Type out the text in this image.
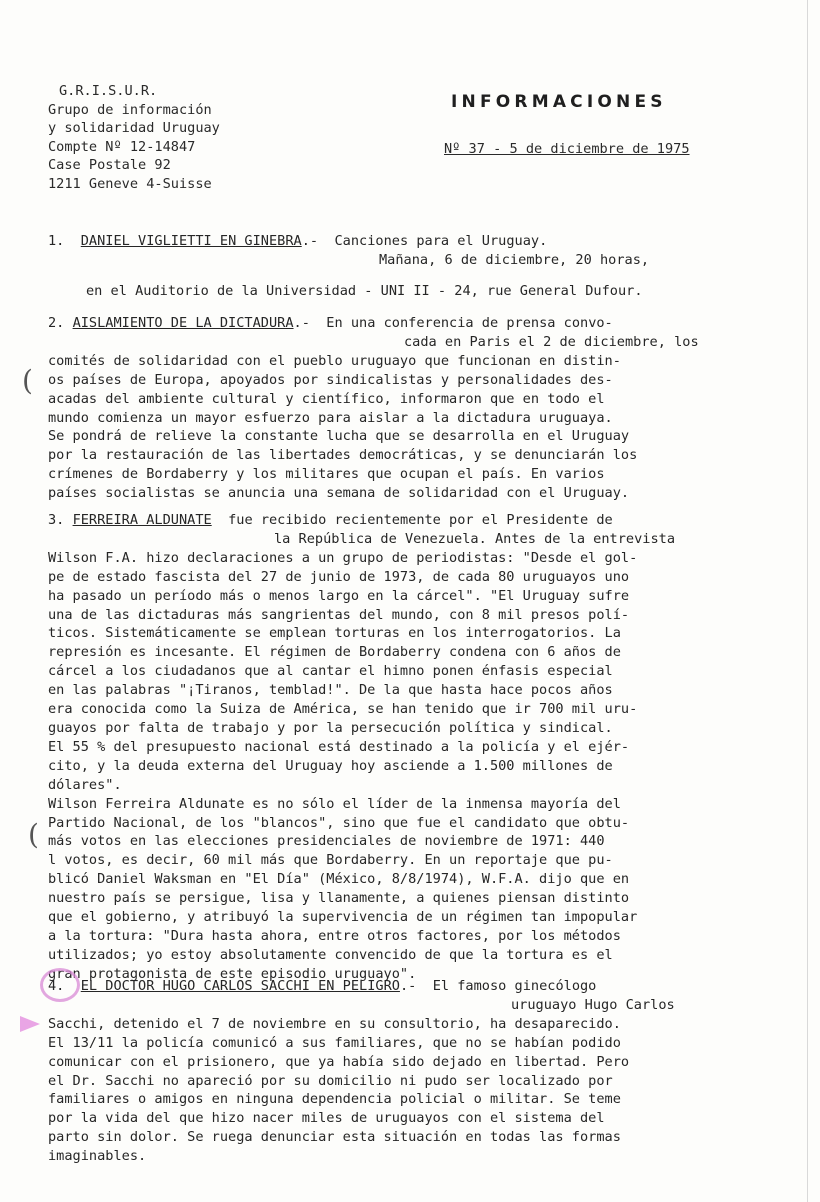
G.R.I.S.U.R.
Grupo de información
y solidaridad Uruguay
Compte Nº 12-14847
Case Postale 92
1211 Geneve 4-Suisse
INFORMACIONES
Nº 37 - 5 de diciembre de 1975
1. DANIEL VIGLIETTI EN GINEBRA.- Canciones para el Uruguay.
Mañana, 6 de diciembre, 20 horas,
en el Auditorio de la Universidad - UNI II - 24, rue General Dufour.
2. AISLAMIENTO DE LA DICTADURA.- En una conferencia de prensa convo-
cada en Paris el 2 de diciembre, los
comités de solidaridad con el pueblo uruguayo que funcionan en distin-
os países de Europa, apoyados por sindicalistas y personalidades des-
acadas del ambiente cultural y científico, informaron que en todo el
mundo comienza un mayor esfuerzo para aislar a la dictadura uruguaya.
Se pondrá de relieve la constante lucha que se desarrolla en el Uruguay
por la restauración de las libertades democráticas, y se denunciarán los
crímenes de Bordaberry y los militares que ocupan el país. En varios
países socialistas se anuncia una semana de solidaridad con el Uruguay.
3. FERREIRA ALDUNATE fue recibido recientemente por el Presidente de
la República de Venezuela. Antes de la entrevista
Wilson F.A. hizo declaraciones a un grupo de periodistas: "Desde el gol-
pe de estado fascista del 27 de junio de 1973, de cada 80 uruguayos uno
ha pasado un período más o menos largo en la cárcel". "El Uruguay sufre
una de las dictaduras más sangrientas del mundo, con 8 mil presos polí-
ticos. Sistemáticamente se emplean torturas en los interrogatorios. La
represión es incesante. El régimen de Bordaberry condena con 6 años de
cárcel a los ciudadanos que al cantar el himno ponen énfasis especial
en las palabras "¡Tiranos, temblad!". De la que hasta hace pocos años
era conocida como la Suiza de América, se han tenido que ir 700 mil uru-
guayos por falta de trabajo y por la persecución política y sindical.
El 55 % del presupuesto nacional está destinado a la policía y el ejér-
cito, y la deuda externa del Uruguay hoy asciende a 1.500 millones de
dólares".
Wilson Ferreira Aldunate es no sólo el líder de la inmensa mayoría del
Partido Nacional, de los "blancos", sino que fue el candidato que obtu-
más votos en las elecciones presidenciales de noviembre de 1971: 440
l votos, es decir, 60 mil más que Bordaberry. En un reportaje que pu-
blicó Daniel Waksman en "El Día" (México, 8/8/1974), W.F.A. dijo que en
nuestro país se persigue, lisa y llanamente, a quienes piensan distinto
que el gobierno, y atribuyó la supervivencia de un régimen tan impopular
a la tortura: "Dura hasta ahora, entre otros factores, por los métodos
utilizados; yo estoy absolutamente convencido de que la tortura es el
gran protagonista de este episodio uruguayo".
(
(
4. EL DOCTOR HUGO CARLOS SACCHI EN PELIGRO.- El famoso ginecólogo
uruguayo Hugo Carlos
Sacchi, detenido el 7 de noviembre en su consultorio, ha desaparecido.
El 13/11 la policía comunicó a sus familiares, que no se habían podido
comunicar con el prisionero, que ya había sido dejado en libertad. Pero
el Dr. Sacchi no apareció por su domicilio ni pudo ser localizado por
familiares o amigos en ninguna dependencia policial o militar. Se teme
por la vida del que hizo nacer miles de uruguayos con el sistema del
parto sin dolor. Se ruega denunciar esta situación en todas las formas
imaginables.
